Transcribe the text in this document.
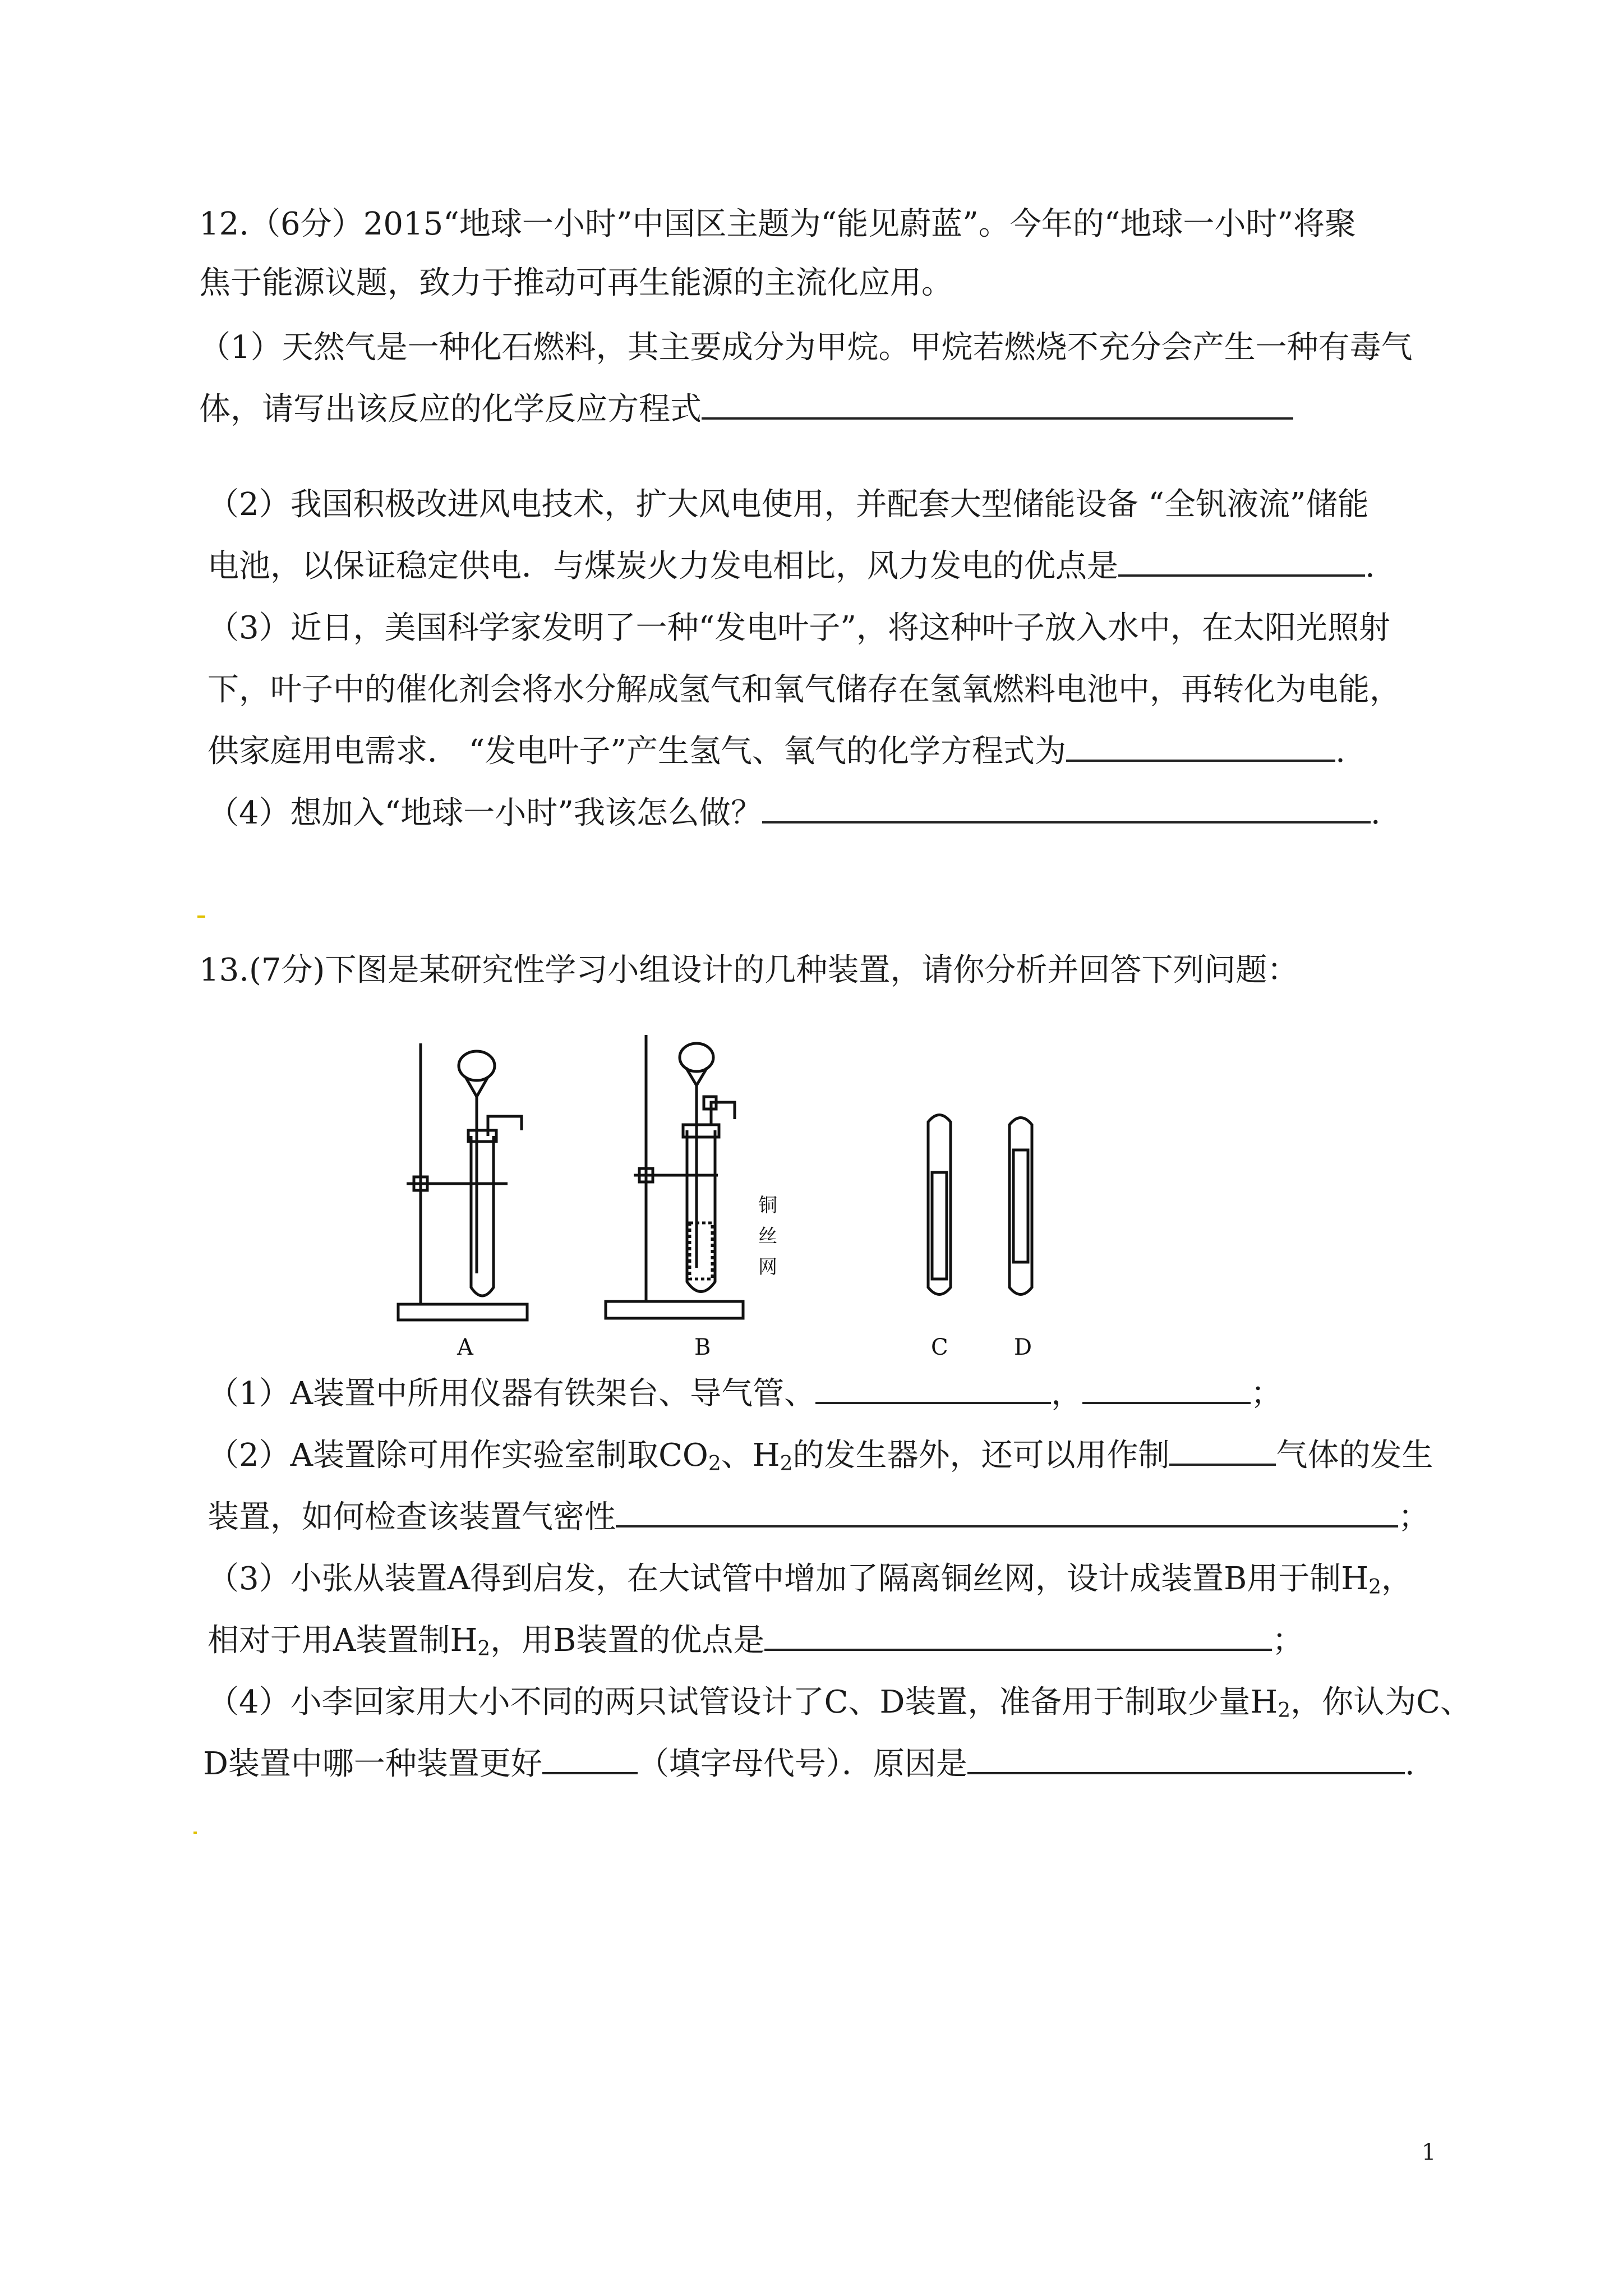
12.（6分）2015“地球一小时”中国区主题为“能见蔚蓝”。今年的“地球一小时”将聚
焦于能源议题，致力于推动可再生能源的主流化应用。
（1）天然气是一种化石燃料，其主要成分为甲烷。甲烷若燃烧不充分会产生一种有毒气
体，请写出该反应的化学反应方程式
（2）我国积极改进风电技术，扩大风电使用，并配套大型储能设备 “全钒液流”储能
电池，以保证稳定供电．与煤炭火力发电相比，风力发电的优点是	.
（3）近日，美国科学家发明了一种“发电叶子”，将这种叶子放入水中，在太阳光照射
下，叶子中的催化剂会将水分解成氢气和氧气储存在氢氧燃料电池中，再转化为电能，
供家庭用电需求． “发电叶子”产生氢气、氧气的化学方程式为	.
（4）想加入“地球一小时”我该怎么做？	.
13.(7分)下图是某研究性学习小组设计的几种装置，请你分析并回答下列问题：
A
铜
丝
网
B	C	D
（1）A装置中所用仪器有铁架台、导气管、	，	；
（2）A装置除可用作实验室制取$CO_2$、$H_2$的发生器外，还可以用作制	气体的发生
装置，如何检查该装置气密性	；
（3）小张从装置A得到启发，在大试管中增加了隔离铜丝网，设计成装置B用于制$H_2$，
相对于用A装置制$H_2$，用B装置的优点是	；
（4）小李回家用大小不同的两只试管设计了C、D装置，准备用于制取少量$H_2$，你认为C、
D装置中哪一种装置更好	（填字母代号）．原因是	.
1
